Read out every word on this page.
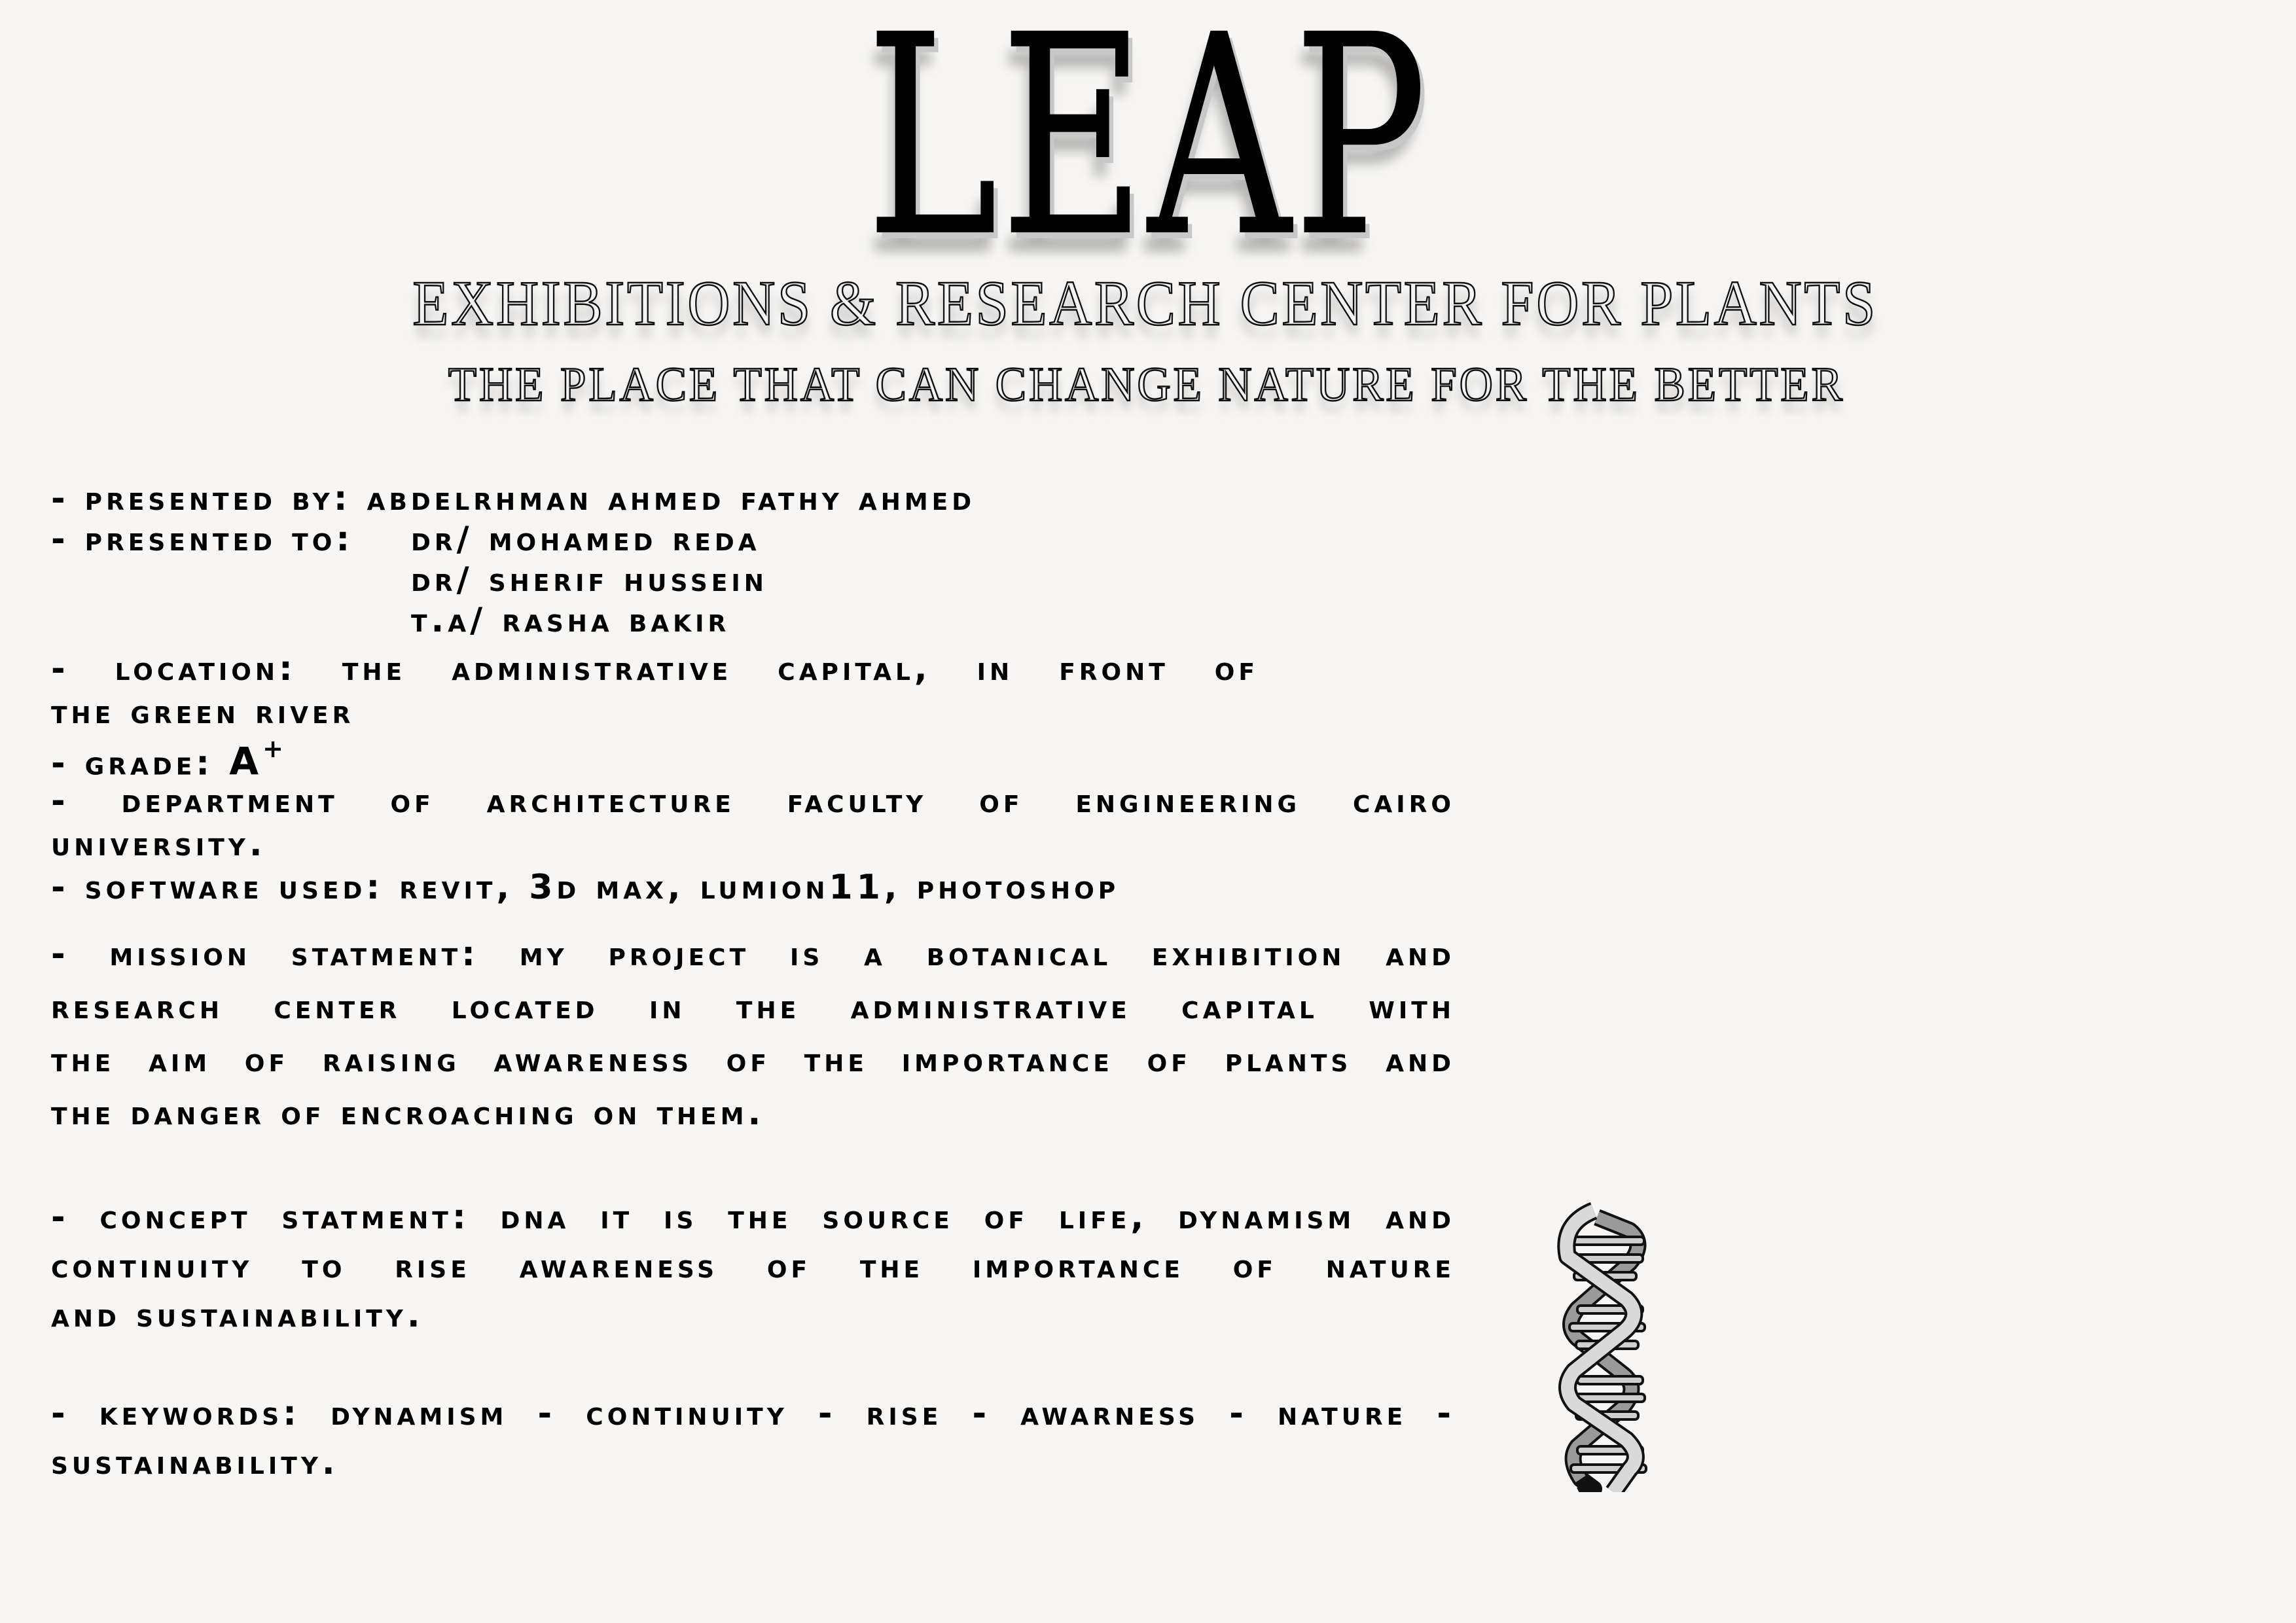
LEAP
EXHIBITIONS & RESEARCH CENTER FOR PLANTS
THE PLACE THAT CAN CHANGE NATURE FOR THE BETTER
- presented by: abdelrhman ahmed fathy ahmed
- presented to: dr/ mohamed reda
dr/ sherif hussein
t.a/ rasha bakir
- location: the administrative capital, in front of
the green river
- grade: A+
- department of architecture faculty of engineering cairo
university.
- software used: revit, 3d max, lumion11, photoshop
- mission statment: my project is a botanical exhibition and
research center located in the administrative capital with
the aim of raising awareness of the importance of plants and
the danger of encroaching on them.
- concept statment: dna it is the source of life, dynamism and
continuity to rise awareness of the importance of nature
and sustainability.
- keywords: dynamism - continuity - rise - awarness - nature -
sustainability.
